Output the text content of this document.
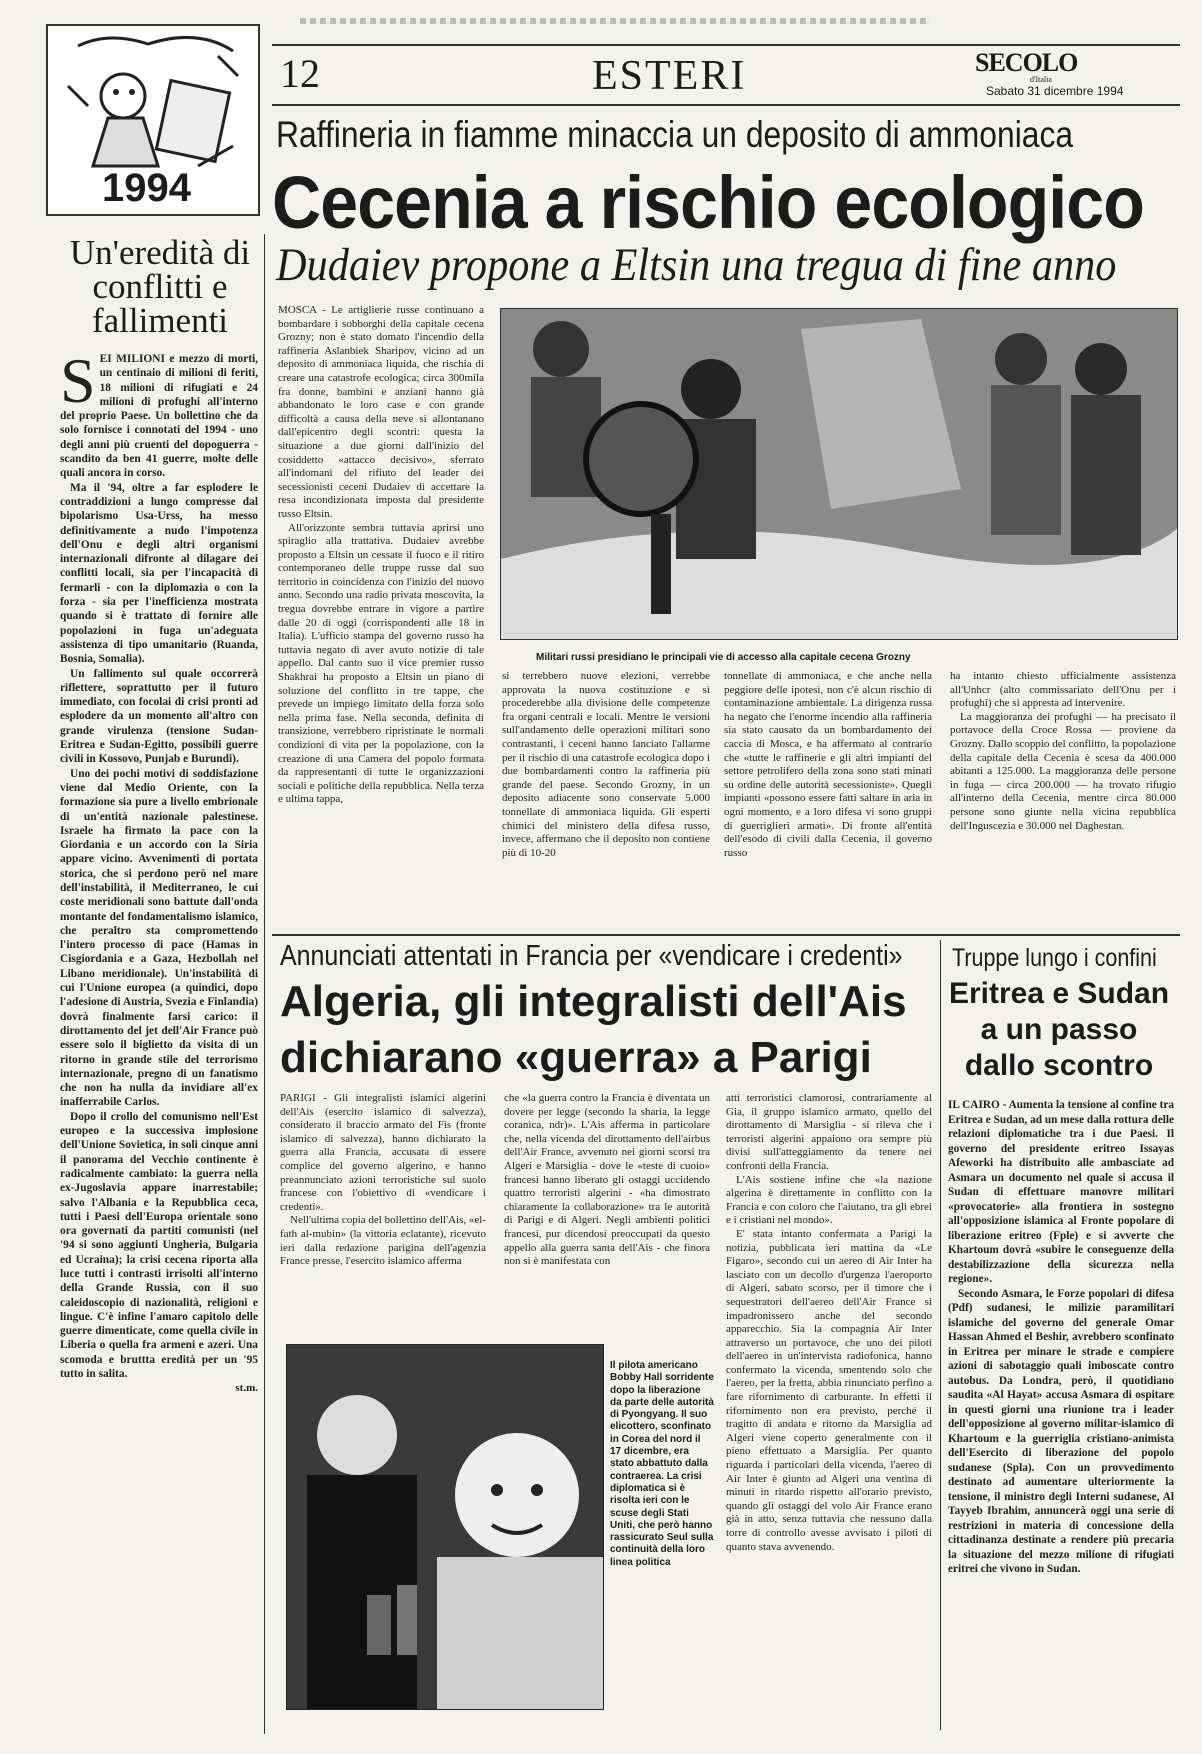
1994
12	ESTERI	SECOLO
d'Italia
Sabato 31 dicembre 1994
Raffineria in fiamme minaccia un deposito di ammoniaca
Cecenia a rischio ecologico
Dudaiev propone a Eltsin una tregua di fine anno
Un'eredità di conflitti e fallimenti

SEI MILIONI e mezzo di morti, un centinaio di milioni di feriti, 18 milioni di rifugiati e 24 milioni di profughi all'interno del proprio Paese. Un bollettino che da solo fornisce i connotati del 1994 - uno degli anni più cruenti del dopoguerra - scandito da ben 41 guerre, molte delle quali ancora in corso.

Ma il '94, oltre a far esplodere le contraddizioni a lungo compresse dal bipolarismo Usa-Urss, ha messo definitivamente a nudo l'impotenza dell'Onu e degli altri organismi internazionali difronte al dilagare dei conflitti locali, sia per l'incapacità di fermarli - con la diplomazia o con la forza - sia per l'inefficienza mostrata quando si è trattato di fornire alle popolazioni in fuga un'adeguata assistenza di tipo umanitario (Ruanda, Bosnia, Somalia).

Un fallimento sul quale occorrerà riflettere, soprattutto per il futuro immediato, con focolai di crisi pronti ad esplodere da un momento all'altro con grande virulenza (tensione Sudan-Eritrea e Sudan-Egitto, possibili guerre civili in Kossovo, Punjab e Burundi).

Uno dei pochi motivi di soddisfazione viene dal Medio Oriente, con la formazione sia pure a livello embrionale di un'entità nazionale palestinese. Israele ha firmato la pace con la Giordania e un accordo con la Siria appare vicino. Avvenimenti di portata storica, che si perdono però nel mare dell'instabilità, il Mediterraneo, le cui coste meridionali sono battute dall'onda montante del fondamentalismo islamico, che peraltro sta compromettendo l'intero processo di pace (Hamas in Cisgiordania e a Gaza, Hezbollah nel Libano meridionale). Un'instabilità di cui l'Unione europea (a quindici, dopo l'adesione di Austria, Svezia e Finlandia) dovrà finalmente farsi carico: il dirottamento del jet dell'Air France può essere solo il biglietto da visita di un ritorno in grande stile del terrorismo internazionale, pregno di un fanatismo che non ha nulla da invidiare all'ex inafferrabile Carlos.

Dopo il crollo del comunismo nell'Est europeo e la successiva implosione dell'Unione Sovietica, in soli cinque anni il panorama del Vecchio continente è radicalmente cambiato: la guerra nella ex-Jugoslavia appare inarrestabile; salvo l'Albania e la Repubblica ceca, tutti i Paesi dell'Europa orientale sono ora governati da partiti comunisti (nel '94 si sono aggiunti Ungheria, Bulgaria ed Ucraina); la crisi cecena riporta alla luce tutti i contrasti irrisolti all'interno della Grande Russia, con il suo caleidoscopio di nazionalità, religioni e lingue. C'è infine l'amaro capitolo delle guerre dimenticate, come quella civile in Liberia o quella fra armeni e azeri. Una scomoda e bruttta eredità per un '95 tutto in salita.

st.m.

MOSCA - Le artiglierie russe continuano a bombardare i sobborghi della capitale cecena Grozny; non è stato domato l'incendio della raffineria Aslanbiek Sharipov, vicino ad un deposito di ammoniaca liquida, che rischia di creare una catastrofe ecologica; circa 300mila fra donne, bambini e anziani hanno già abbandonato le loro case e con grande difficoltà a causa della neve si allontanano dall'epicentro degli scontri: questa la situazione a due giorni dall'inizio del cosiddetto «attacco decisivo», sferrato all'indomani del rifiuto del leader dei secessionisti ceceni Dudaiev di accettare la resa incondizionata imposta dal presidente russo Eltsin.

All'orizzonte sembra tuttavia aprirsi uno spiraglio alla trattativa. Dudaiev avrebbe proposto a Eltsin un cessate il fuoco e il ritiro contemporaneo delle truppe russe dal suo territorio in coincidenza con l'inizio del nuovo anno. Secondo una radio privata moscovita, la tregua dovrebbe entrare in vigore a partire dalle 20 di oggi (corrispondenti alle 18 in Italia). L'ufficio stampa del governo russo ha tuttavia negato di aver avuto notizie di tale appello. Dal canto suo il vice premier russo Shakhrai ha proposto a Eltsin un piano di soluzione del conflitto in tre tappe, che prevede un impiego limitato della forza solo nella prima fase. Nella seconda, definita di transizione, verrebbero ripristinate le normali condizioni di vita per la popolazione, con la creazione di una Camera del popolo formata da rappresentanti di tutte le organizzazioni sociali e politiche della repubblica. Nella terza e ultima tappa,

Militari russi presidiano le principali vie di accesso alla capitale cecena Grozny

si terrebbero nuove elezioni, verrebbe approvata la nuova costituzione e si procederebbe alla divisione delle competenze fra organi centrali e locali. Mentre le versioni sull'andamento delle operazioni militari sono contrastanti, i ceceni hanno lanciato l'allarme per il rischio di una catastrofe ecologica dopo i due bombardamenti contro la raffineria più grande del paese. Secondo Grozny, in un deposito adiacente sono conservate 5.000 tonnellate di ammoniaca liquida. Gli esperti chimici del ministero della difesa russo, invece, affermano che il deposito non contiene più di 10-20

tonnellate di ammoniaca, e che anche nella peggiore delle ipotesi, non c'è alcun rischio di contaminazione ambientale. La dirigenza russa ha negato che l'enorme incendio alla raffineria sia stato causato da un bombardamento dei caccia di Mosca, e ha affermato al contrario che «tutte le raffinerie e gli altri impianti del settore petrolifero della zona sono stati minati su ordine delle autorità secessioniste». Quegli impianti «possono essere fatti saltare in aria in ogni momento, e a loro difesa vi sono gruppi di guerriglieri armati». Di fronte all'entità dell'esodo di civili dalla Cecenia, il governo russo

ha intanto chiesto ufficialmente assistenza all'Unhcr (alto commissariato dell'Onu per i profughi) che si appresta ad intervenire.

La maggioranza dei profughi — ha precisato il portavoce della Croce Rossa — proviene da Grozny. Dallo scoppio del conflitto, la popolazione della capitale della Cecenia è scesa da 400.000 abitanti a 125.000. La maggioranza delle persone in fuga — circa 200.000 — ha trovato rifugio all'interno della Cecenia, mentre circa 80.000 persone sono giunte nella vicina repubblica dell'Inguscezia e 30.000 nel Daghestan.

Annunciati attentati in Francia per «vendicare i credenti»
Algeria, gli integralisti dell'Ais dichiarano «guerra» a Parigi

PARIGI - Gli integralisti islamici algerini dell'Ais (esercito islamico di salvezza), considerato il braccio armato del Fis (fronte islamico di salvezza), hanno dichiarato la guerra alla Francia, accusata di essere complice del governo algerino, e hanno preannunciato azioni terroristiche sul suolo francese con l'obiettivo di «vendicare i credenti».

Nell'ultima copia del bollettino dell'Ais, «el-fath al-mubin» (la vittoria eclatante), ricevuto ieri dalla redazione parigina dell'agenzia France presse, l'esercito islamico afferma

che «la guerra contro la Francia è diventata un dovere per legge (secondo la sharia, la legge coranica, ndr)». L'Ais afferma in particolare che, nella vicenda del dirottamento dell'airbus dell'Air France, avvenuto nei giorni scorsi tra Algeri e Marsiglia - dove le «teste di cuoio» francesi hanno liberato gli ostaggi uccidendo quattro terroristi algerini - «ha dimostrato chiaramente la collaborazione» tra le autorità di Parigi e di Algeri. Negli ambienti politici francesi, pur dicendosi preoccupati da questo appello alla guerra santa dell'Ais - che finora non si è manifestata con

atti terroristici clamorosi, contrariamente al Gia, il gruppo islamico armato, quello del dirottamento di Marsiglia - si rileva che i terroristi algerini appaiono ora sempre più divisi sull'atteggiamento da tenere nei confronti della Francia.

L'Ais sostiene infine che «la nazione algerina è direttamente in conflitto con la Francia e con coloro che l'aiutano, tra gli ebrei e i cristiani nel mondo».

E' stata intanto confermata a Parigi la notizia, pubblicata ieri mattina da «Le Figaro», secondo cui un aereo di Air Inter ha lasciato con un decollo d'urgenza l'aeroporto di Algeri, sabato scorso, per il timore che i sequestratori dell'aereo dell'Air France si impadronissero anche del secondo apparecchio. Sia la compagnia Air Inter attraverso un portavoce, che uno dei piloti dell'aereo in un'intervista radiofonica, hanno confermato la vicenda, smentendo solo che l'aereo, per la fretta, abbia rinunciato perfino a fare rifornimento di carburante. In effetti il rifornimento non era previsto, perché il tragitto di andata e ritorno da Marsiglia ad Algeri viene coperto generalmente con il pieno effettuato a Marsiglia. Per quanto riguarda i particolari della vicenda, l'aereo di Air Inter è giunto ad Algeri una ventina di minuti in ritardo rispetto all'orario previsto, quando gli ostaggi del volo Air France erano già in atto, senza tuttavia che nessuno dalla torre di controllo avesse avvisato i piloti di quanto stava avvenendo.

Il pilota americano Bobby Hall sorridente dopo la liberazione da parte delle autorità di Pyongyang. Il suo elicottero, sconfinato in Corea del nord il 17 dicembre, era stato abbattuto dalla contraerea. La crisi diplomatica si è risolta ieri con le scuse degli Stati Uniti, che però hanno rassicurato Seul sulla continuità della loro linea politica
Truppe lungo i confini
Eritrea e Sudan a un passo dallo scontro

IL CAIRO - Aumenta la tensione al confine tra Eritrea e Sudan, ad un mese dalla rottura delle relazioni diplomatiche tra i due Paesi. Il governo del presidente eritreo Issayas Afeworki ha distribuito alle ambasciate ad Asmara un documento nel quale si accusa il Sudan di effettuare manovre militari «provocatorie» alla frontiera in sostegno all'opposizione islamica al Fronte popolare di liberazione eritreo (Fple) e si avverte che Khartoum dovrà «subire le conseguenze della destabilizzazione della sicurezza nella regione».

Secondo Asmara, le Forze popolari di difesa (Pdf) sudanesi, le milizie paramilitari islamiche del governo del generale Omar Hassan Ahmed el Beshir, avrebbero sconfinato in Eritrea per minare le strade e compiere azioni di sabotaggio quali imboscate contro autobus. Da Londra, però, il quotidiano saudita «Al Hayat» accusa Asmara di ospitare in questi giorni una riunione tra i leader dell'opposizione al governo militar-islamico di Khartoum e la guerriglia cristiano-animista dell'Esercito di liberazione del popolo sudanese (Spla). Con un provvedimento destinato ad aumentare ulteriormente la tensione, il ministro degli Interni sudanese, Al Tayyeb Ibrahim, annuncerà oggi una serie di restrizioni in materia di concessione della cittadinanza destinate a rendere più precaria la situazione del mezzo milione di rifugiati eritrei che vivono in Sudan.
